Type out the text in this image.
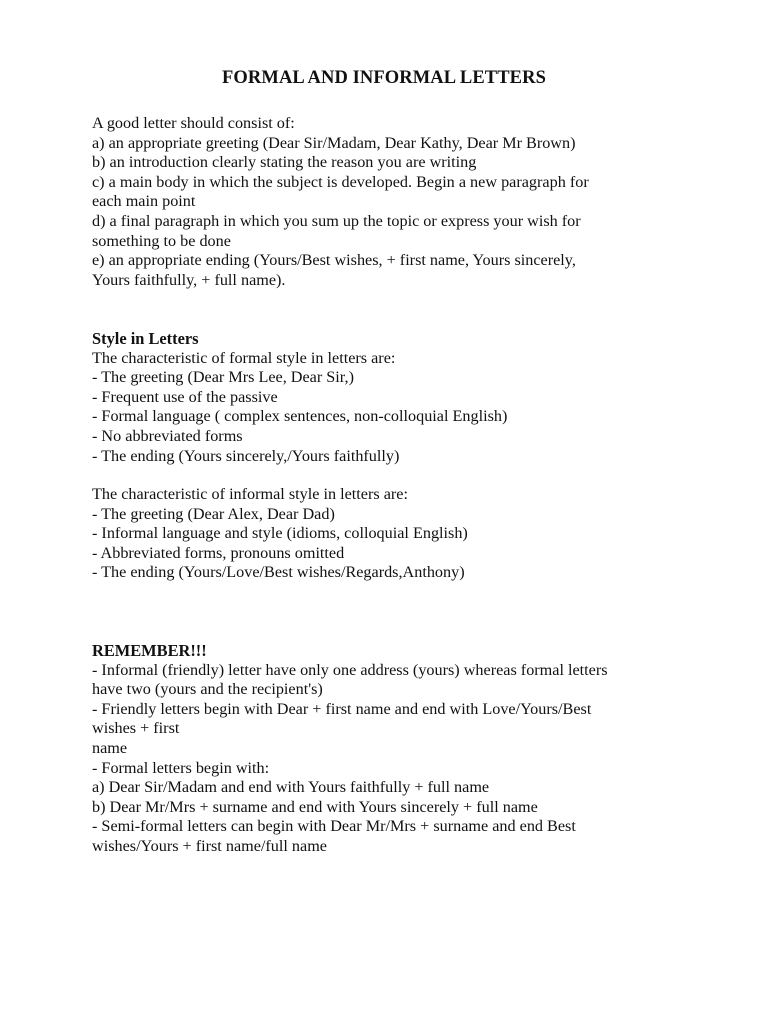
FORMAL AND INFORMAL LETTERS
A good letter should consist of:
a) an appropriate greeting (Dear Sir/Madam, Dear Kathy, Dear Mr Brown)
b) an introduction clearly stating the reason you are writing
c) a main body in which the subject is developed. Begin a new paragraph for
each main point
d) a final paragraph in which you sum up the topic or express your wish for
something to be done
e) an appropriate ending (Yours/Best wishes, + first name, Yours sincerely,
Yours faithfully, + full name).
Style in Letters
The characteristic of formal style in letters are:
- The greeting (Dear Mrs Lee, Dear Sir,)
- Frequent use of the passive
- Formal language ( complex sentences, non-colloquial English)
- No abbreviated forms
- The ending (Yours sincerely,/Yours faithfully)
The characteristic of informal style in letters are:
- The greeting (Dear Alex, Dear Dad)
- Informal language and style (idioms, colloquial English)
- Abbreviated forms, pronouns omitted
- The ending (Yours/Love/Best wishes/Regards,Anthony)
REMEMBER!!!
- Informal (friendly) letter have only one address (yours) whereas formal letters
have two (yours and the recipient's)
- Friendly letters begin with Dear + first name and end with Love/Yours/Best
wishes + first
name
- Formal letters begin with:
a) Dear Sir/Madam and end with Yours faithfully + full name
b) Dear Mr/Mrs + surname and end with Yours sincerely + full name
- Semi-formal letters can begin with Dear Mr/Mrs + surname and end Best
wishes/Yours + first name/full name
